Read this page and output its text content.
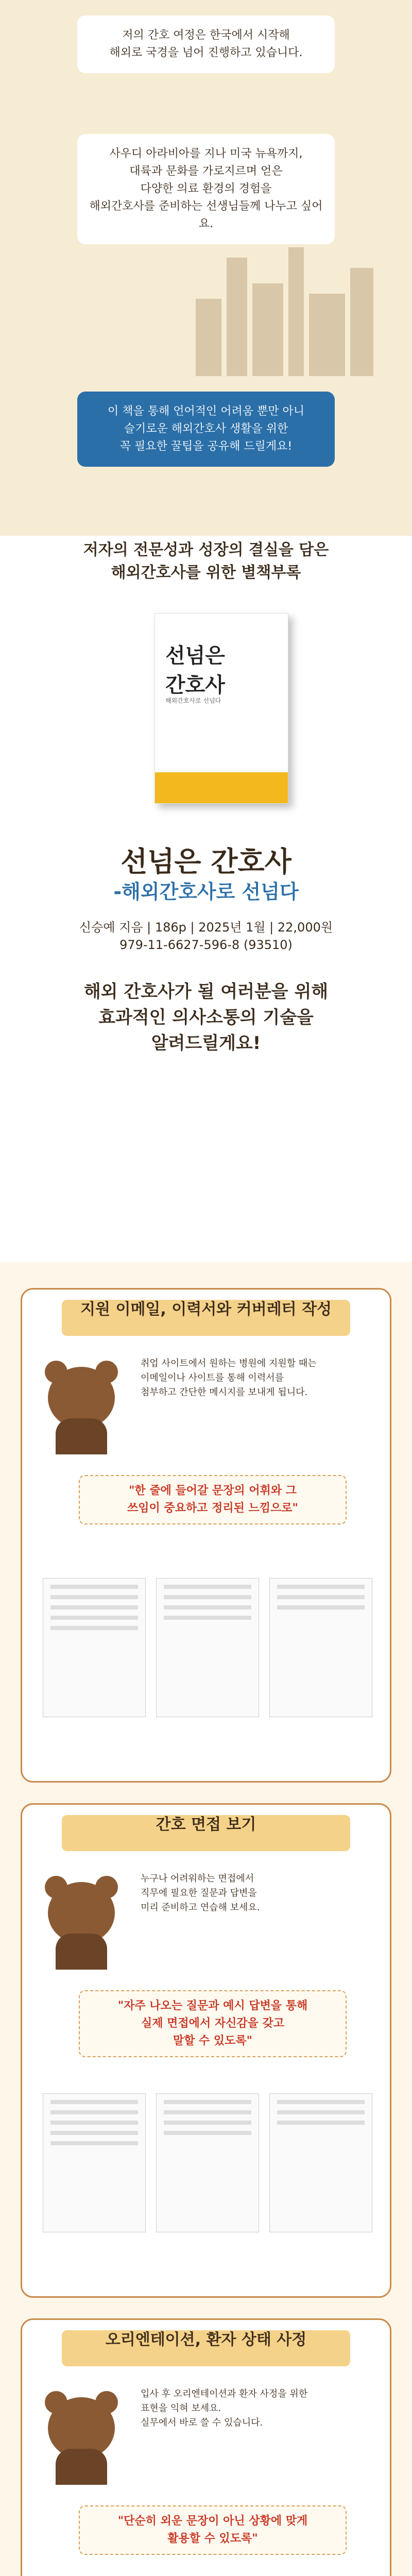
저의 간호 여정은 한국에서 시작해
해외로 국경을 넘어 진행하고 있습니다.
사우디 아라비아를 지나 미국 뉴욕까지,
대륙과 문화를 가로지르며 얻은
다양한 의료 환경의 경험을
해외간호사를 준비하는 선생님들께 나누고 싶어요.
이 책을 통해 언어적인 어려움 뿐만 아니
슬기로운 해외간호사 생활을 위한
꼭 필요한 꿀팁을 공유해 드릴게요!
저자의 전문성과 성장의 결실을 담은
해외간호사를 위한 별책부록
선넘은
간호사
해외간호사로 선넘다
선넘은 간호사
-해외간호사로 선넘다
신승예 지음 | 186p | 2025년 1월 | 22,000원
979-11-6627-596-8 (93510)
해외 간호사가 될 여러분을 위해
효과적인 의사소통의 기술을
알려드릴게요!
지원 이메일, 이력서와 커버레터 작성
취업 사이트에서 원하는 병원에 지원할 때는
이메일이나 사이트를 통해 이력서를
첨부하고 간단한 메시지를 보내게 됩니다.
"한 줄에 들어갈 문장의 어휘와 그
쓰임이 중요하고 정리된 느낌으로"
간호 면접 보기
누구나 어려워하는 면접에서
직무에 필요한 질문과 답변을
미리 준비하고 연습해 보세요.
"자주 나오는 질문과 예시 답변을 통해
실제 면접에서 자신감을 갖고
말할 수 있도록"
오리엔테이션, 환자 상태 사정
입사 후 오리엔테이션과 환자 사정을 위한
표현을 익혀 보세요.
실무에서 바로 쓸 수 있습니다.
"단순히 외운 문장이 아닌 상황에 맞게
활용할 수 있도록"
